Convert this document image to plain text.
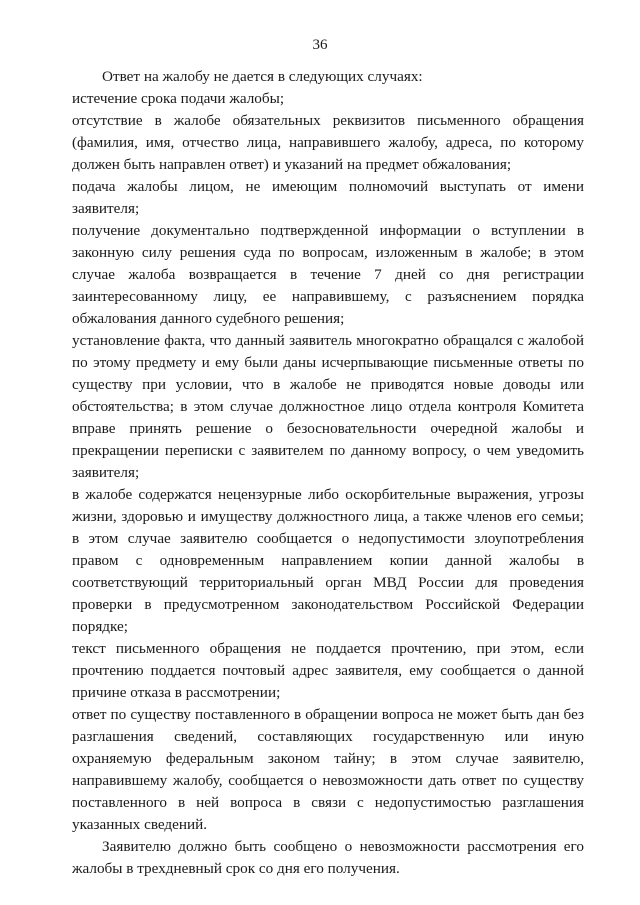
36

Ответ на жалобу не дается в следующих случаях:

истечение срока подачи жалобы;

отсутствие в жалобе обязательных реквизитов письменного обращения (фамилия, имя, отчество лица, направившего жалобу, адреса, по которому должен быть направлен ответ) и указаний на предмет обжалования;

подача жалобы лицом, не имеющим полномочий выступать от имени заявителя;

получение документально подтвержденной информации о вступлении в законную силу решения суда по вопросам, изложенным в жалобе; в этом случае жалоба возвращается в течение 7 дней со дня регистрации заинтересованному лицу, ее направившему, с разъяснением порядка обжалования данного судебного решения;

установление факта, что данный заявитель многократно обращался с жалобой по этому предмету и ему были даны исчерпывающие письменные ответы по существу при условии, что в жалобе не приводятся новые доводы или обстоятельства; в этом случае должностное лицо отдела контроля Комитета вправе принять решение о безосновательности очередной жалобы и прекращении переписки с заявителем по данному вопросу, о чем уведомить заявителя;

в жалобе содержатся нецензурные либо оскорбительные выражения, угрозы жизни, здоровью и имуществу должностного лица, а также членов его семьи; в этом случае заявителю сообщается о недопустимости злоупотребления правом с одновременным направлением копии данной жалобы в соответствующий территориальный орган МВД России для проведения проверки в предусмотренном законодательством Российской Федерации порядке;

текст письменного обращения не поддается прочтению, при этом, если прочтению поддается почтовый адрес заявителя, ему сообщается о данной причине отказа в рассмотрении;

ответ по существу поставленного в обращении вопроса не может быть дан без разглашения сведений, составляющих государственную или иную охраняемую федеральным законом тайну; в этом случае заявителю, направившему жалобу, сообщается о невозможности дать ответ по существу поставленного в ней вопроса в связи с недопустимостью разглашения указанных сведений.

Заявителю должно быть сообщено о невозможности рассмотрения его жалобы в трехдневный срок со дня его получения.
